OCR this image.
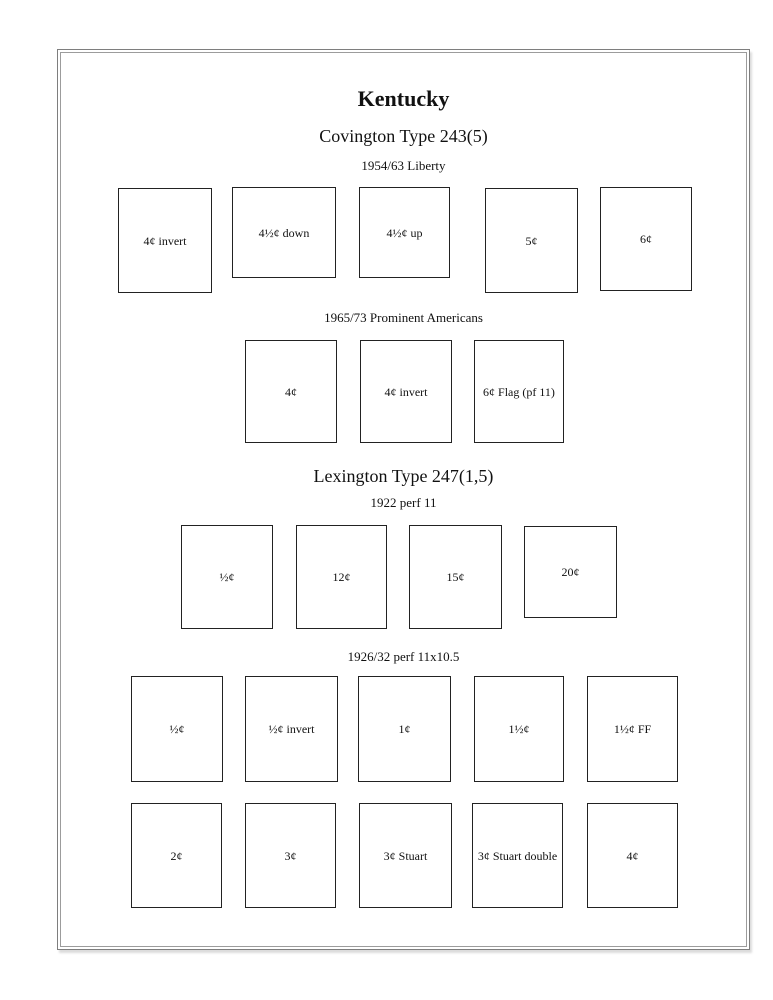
Kentucky
Covington Type 243(5)
1954/63 Liberty
1965/73 Prominent Americans
Lexington Type 247(1,5)
1922 perf 11
1926/32 perf 11x10.5
4¢ invert
4½¢ down	4½¢ up
5¢	6¢
4¢	4¢ invert	6¢ Flag (pf 11)
½¢	12¢	15¢	20¢
½¢	½¢ invert	1¢	1½¢	1½¢ FF
2¢	3¢	3¢ Stuart	3¢ Stuart double	4¢
